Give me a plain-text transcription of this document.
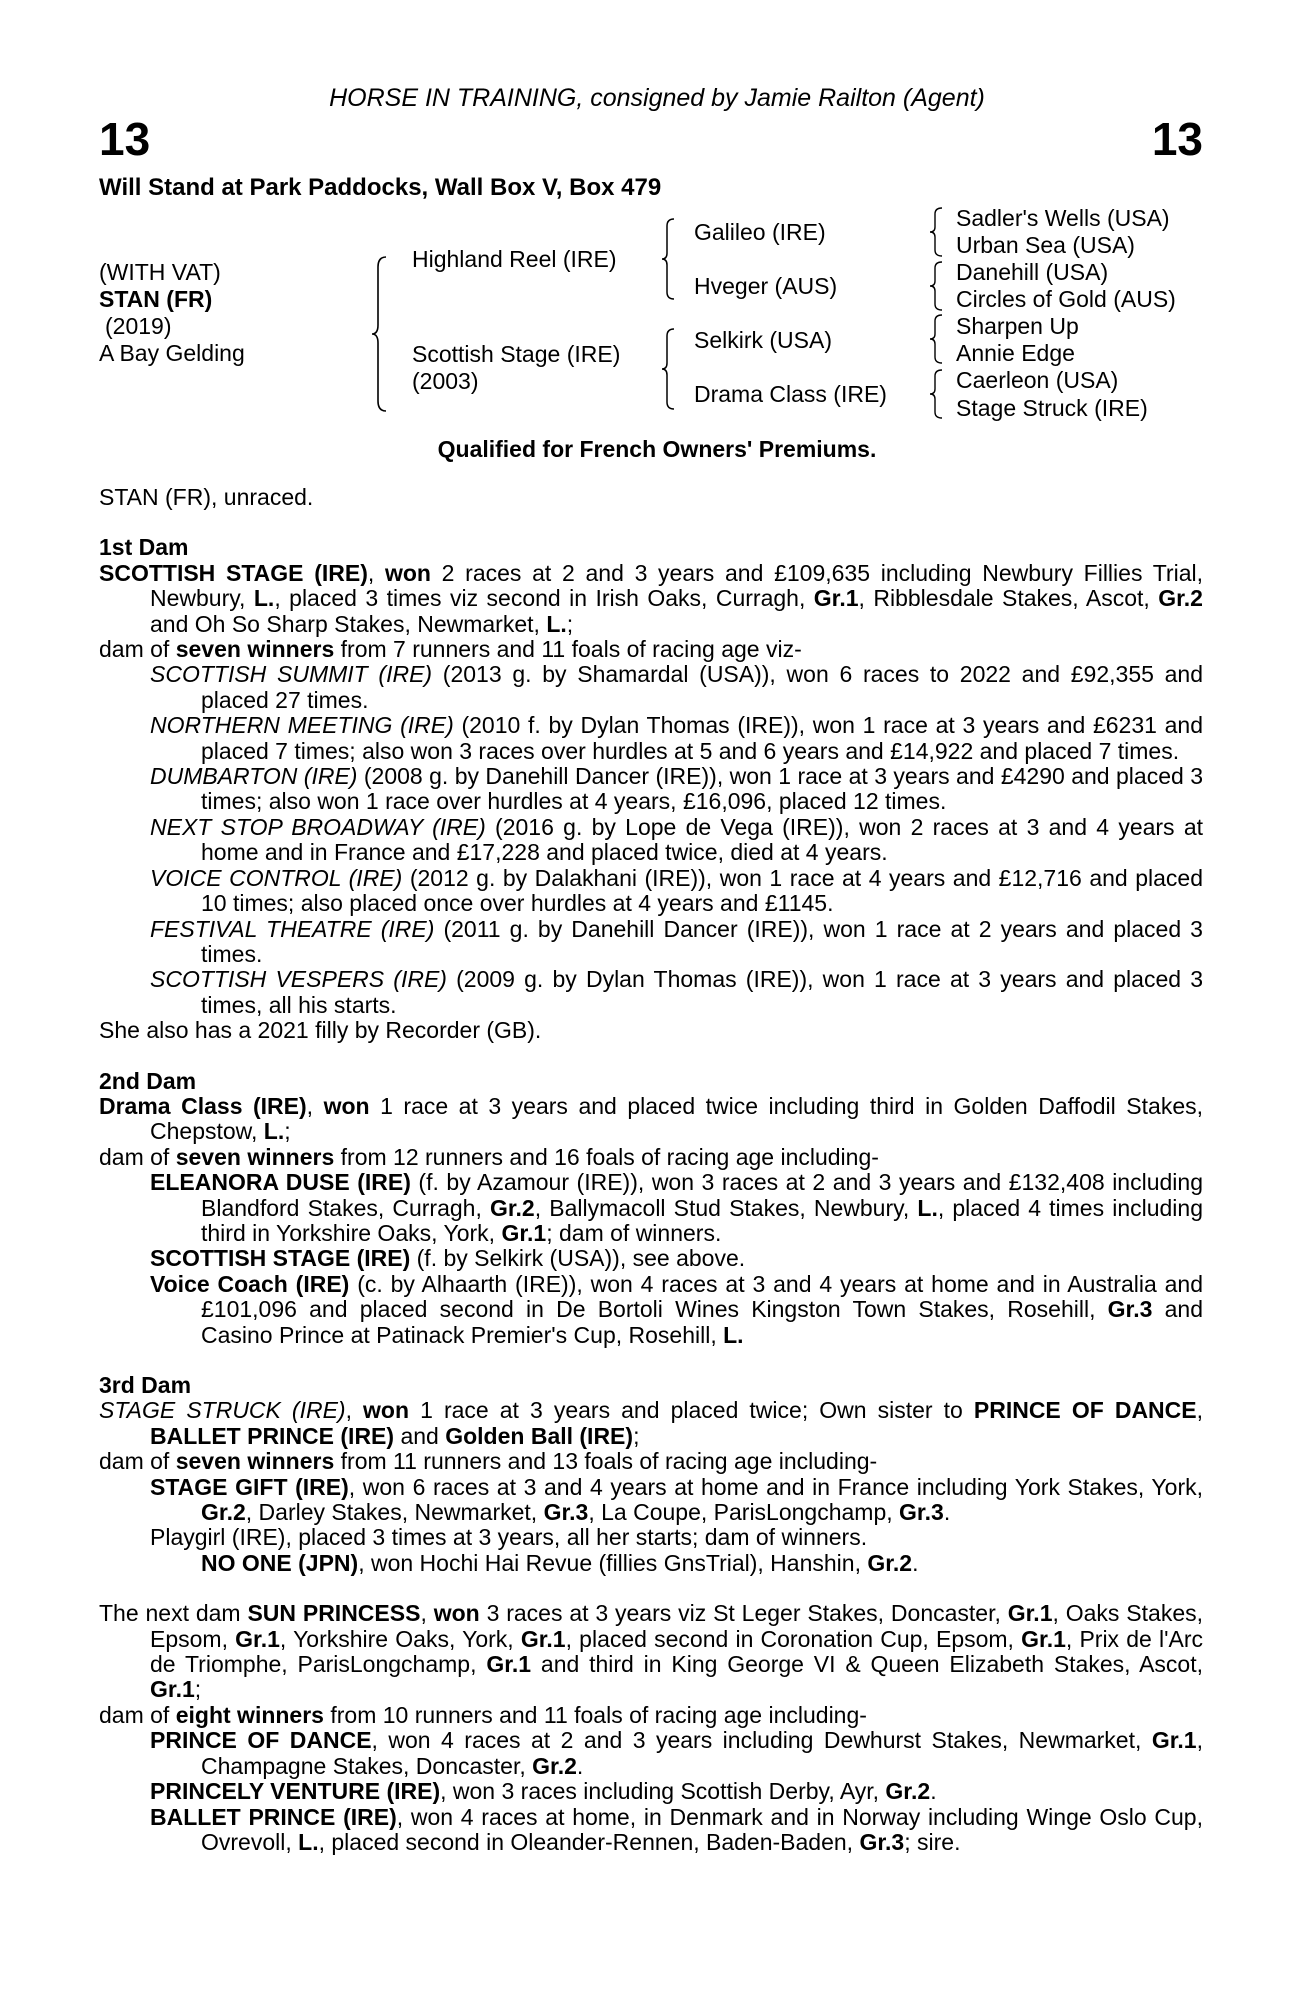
HORSE IN TRAINING, consigned by Jamie Railton (Agent)
13	13
Will Stand at Park Paddocks, Wall Box V, Box 479
(WITH VAT)
STAN (FR)
(2019)
A Bay Gelding
Highland Reel (IRE)
Scottish Stage (IRE)
(2003)
Galileo (IRE)
Hveger (AUS)
Selkirk (USA)
Drama Class (IRE)
Sadler's Wells (USA)
Urban Sea (USA)
Danehill (USA)
Circles of Gold (AUS)
Sharpen Up
Annie Edge
Caerleon (USA)
Stage Struck (IRE)
Qualified for French Owners' Premiums.
STAN (FR), unraced.
1st Dam
SCOTTISH STAGE (IRE), won 2 races at 2 and 3 years and £109,635 including Newbury Fillies Trial, Newbury, L., placed 3 times viz second in Irish Oaks, Curragh, Gr.1, Ribblesdale Stakes, Ascot, Gr.2 and Oh So Sharp Stakes, Newmarket, L.;
dam of seven winners from 7 runners and 11 foals of racing age viz-
SCOTTISH SUMMIT (IRE) (2013 g. by Shamardal (USA)), won 6 races to 2022 and £92,355 and placed 27 times.
NORTHERN MEETING (IRE) (2010 f. by Dylan Thomas (IRE)), won 1 race at 3 years and £6231 and placed 7 times; also won 3 races over hurdles at 5 and 6 years and £14,922 and placed 7 times.
DUMBARTON (IRE) (2008 g. by Danehill Dancer (IRE)), won 1 race at 3 years and £4290 and placed 3 times; also won 1 race over hurdles at 4 years, £16,096, placed 12 times.
NEXT STOP BROADWAY (IRE) (2016 g. by Lope de Vega (IRE)), won 2 races at 3 and 4 years at home and in France and £17,228 and placed twice, died at 4 years.
VOICE CONTROL (IRE) (2012 g. by Dalakhani (IRE)), won 1 race at 4 years and £12,716 and placed 10 times; also placed once over hurdles at 4 years and £1145.
FESTIVAL THEATRE (IRE) (2011 g. by Danehill Dancer (IRE)), won 1 race at 2 years and placed 3 times.
SCOTTISH VESPERS (IRE) (2009 g. by Dylan Thomas (IRE)), won 1 race at 3 years and placed 3 times, all his starts.
She also has a 2021 filly by Recorder (GB).
2nd Dam
Drama Class (IRE), won 1 race at 3 years and placed twice including third in Golden Daffodil Stakes, Chepstow, L.;
dam of seven winners from 12 runners and 16 foals of racing age including-
ELEANORA DUSE (IRE) (f. by Azamour (IRE)), won 3 races at 2 and 3 years and £132,408 including Blandford Stakes, Curragh, Gr.2, Ballymacoll Stud Stakes, Newbury, L., placed 4 times including third in Yorkshire Oaks, York, Gr.1; dam of winners.
SCOTTISH STAGE (IRE) (f. by Selkirk (USA)), see above.
Voice Coach (IRE) (c. by Alhaarth (IRE)), won 4 races at 3 and 4 years at home and in Australia and £101,096 and placed second in De Bortoli Wines Kingston Town Stakes, Rosehill, Gr.3 and Casino Prince at Patinack Premier's Cup, Rosehill, L.
3rd Dam
STAGE STRUCK (IRE), won 1 race at 3 years and placed twice; Own sister to PRINCE OF DANCE, BALLET PRINCE (IRE) and Golden Ball (IRE);
dam of seven winners from 11 runners and 13 foals of racing age including-
STAGE GIFT (IRE), won 6 races at 3 and 4 years at home and in France including York Stakes, York, Gr.2, Darley Stakes, Newmarket, Gr.3, La Coupe, ParisLongchamp, Gr.3.
Playgirl (IRE), placed 3 times at 3 years, all her starts; dam of winners.
NO ONE (JPN), won Hochi Hai Revue (fillies GnsTrial), Hanshin, Gr.2.
The next dam SUN PRINCESS, won 3 races at 3 years viz St Leger Stakes, Doncaster, Gr.1, Oaks Stakes, Epsom, Gr.1, Yorkshire Oaks, York, Gr.1, placed second in Coronation Cup, Epsom, Gr.1, Prix de l'Arc de Triomphe, ParisLongchamp, Gr.1 and third in King George VI & Queen Elizabeth Stakes, Ascot, Gr.1;
dam of eight winners from 10 runners and 11 foals of racing age including-
PRINCE OF DANCE, won 4 races at 2 and 3 years including Dewhurst Stakes, Newmarket, Gr.1, Champagne Stakes, Doncaster, Gr.2.
PRINCELY VENTURE (IRE), won 3 races including Scottish Derby, Ayr, Gr.2.
BALLET PRINCE (IRE), won 4 races at home, in Denmark and in Norway including Winge Oslo Cup, Ovrevoll, L., placed second in Oleander-Rennen, Baden-Baden, Gr.3; sire.
